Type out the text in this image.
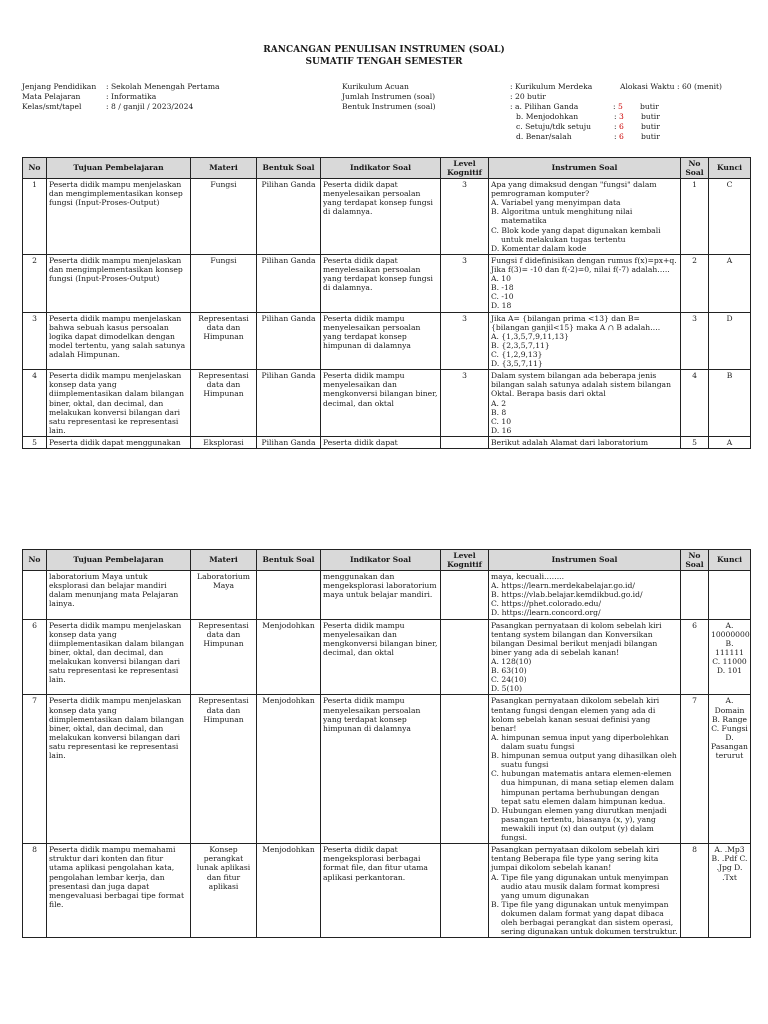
RANCANGAN PENULISAN INSTRUMEN (SOAL)
SUMATIF TENGAH SEMESTER
Jenjang Pendidikan : Sekolah Menengah Pertama
Mata Pelajaran	: Informatika
Kelas/smt/tapel	: 8 / ganjil / 2023/2024
Kurikulum Acuan
Jumlah Instrumen (soal)
Bentuk Instrumen (soal)
: Kurikulum Merdeka	Alokasi Waktu : 60 (menit)
: 20 butir
: a. Pilihan Ganda	: 5 butir
b. Menjodohkan	: 3 butir
c. Setuju/tdk setuju	: 6 butir
d. Benar/salah	: 6 butir
No	Tujuan Pembelajaran	Materi	Bentuk Soal	Indikator Soal	Level Kognitif	Instrumen Soal	No Soal	Kunci
1	Peserta didik mampu menjelaskan dan mengimplementasikan konsep fungsi (Input-Proses-Output)	Fungsi	Pilihan Ganda	Peserta didik dapat menyelesaikan persoalan yang terdapat konsep fungsi di dalamnya.	3	Apa yang dimaksud dengan "fungsi" dalam pemrograman komputer?
A. Variabel yang menyimpan data
B. Algoritma untuk menghitung nilai matematika
C. Blok kode yang dapat digunakan kembali untuk melakukan tugas tertentu
D. Komentar dalam kode	1	C
2	Peserta didik mampu menjelaskan dan mengimplementasikan konsep fungsi (Input-Proses-Output)	Fungsi	Pilihan Ganda	Peserta didik dapat menyelesaikan persoalan yang terdapat konsep fungsi di dalamnya.	3	Fungsi f didefinisikan dengan rumus f(x)=px+q. Jika f(3)= -10 dan f(-2)=0, nilai f(-7) adalah…..
A. 10
B. -18
C. -10
D. 18	2	A
3	Peserta didik mampu menjelaskan bahwa sebuah kasus persoalan logika dapat dimodelkan dengan model tertentu, yang salah satunya adalah Himpunan.	Representasi data dan Himpunan	Pilihan Ganda	Peserta didik mampu menyelesaikan persoalan yang terdapat konsep himpunan di dalamnya	3	Jika A= {bilangan prima <13} dan B= {bilangan ganjil<15} maka A ∩ B adalah….
A. {1,3,5,7,9,11,13}
B. {2,3,5,7,11}
C. {1,2,9,13}
D. {3,5,7,11}	3	D
4	Peserta didik mampu menjelaskan konsep data yang diimplementasikan dalam bilangan biner, oktal, dan decimal, dan melakukan konversi bilangan dari satu representasi ke representasi lain.	Representasi data dan Himpunan	Pilihan Ganda	Peserta didik mampu menyelesaikan dan mengkonversi bilangan biner, decimal, dan oktal	3	Dalam system bilangan ada beberapa jenis bilangan salah satunya adalah sistem bilangan Oktal. Berapa basis dari oktal
A. 2
B. 8
C. 10
D. 16	4	B
5	Peserta didik dapat menggunakan	Eksplorasi	Pilihan Ganda	Peserta didik dapat		Berikut adalah Alamat dari laboratorium	5	A
No	Tujuan Pembelajaran	Materi	Bentuk Soal	Indikator Soal	Level Kognitif	Instrumen Soal	No Soal	Kunci
	laboratorium Maya untuk eksplorasi dan belajar mandiri dalam menunjang mata Pelajaran lainya.	Laboratorium Maya		menggunakan dan mengeksplorasi laboratorium maya untuk belajar mandiri.		maya, kecuali……..
A. https://learn.merdekabelajar.go.id/
B. https://vlab.belajar.kemdikbud.go.id/
C. https://phet.colorado.edu/
D. https://learn.concord.org/		

6	Peserta didik mampu menjelaskan konsep data yang diimplementasikan dalam bilangan biner, oktal, dan decimal, dan melakukan konversi bilangan dari satu representasi ke representasi lain.	Representasi data dan Himpunan	Menjodohkan	Peserta didik mampu menyelesaikan dan mengkonversi bilangan biner, decimal, dan oktal		Pasangkan pernyataan di kolom sebelah kiri tentang system bilangan dan Konversikan bilangan Desimal berikut menjadi bilangan biner yang ada di sebelah kanan!
A. 128(10)
B. 63(10)
C. 24(10)
D. 5(10)	6	A. 10000000 B. 111111 C. 11000 D. 101
7	Peserta didik mampu menjelaskan konsep data yang diimplementasikan dalam bilangan biner, oktal, dan decimal, dan melakukan konversi bilangan dari satu representasi ke representasi lain.	Representasi data dan Himpunan	Menjodohkan	Peserta didik mampu menyelesaikan persoalan yang terdapat konsep himpunan di dalamnya		Pasangkan pernyataan dikolom sebelah kiri tentang fungsi dengan elemen yang ada di kolom sebelah kanan sesuai definisi yang benar!
A. himpunan semua input yang diperbolehkan dalam suatu fungsi
B. himpunan semua output yang dihasilkan oleh suatu fungsi
C. hubungan matematis antara elemen-elemen dua himpunan, di mana setiap elemen dalam himpunan pertama berhubungan dengan tepat satu elemen dalam himpunan kedua.
D. Hubungan elemen yang diurutkan menjadi pasangan tertentu, biasanya (x, y), yang mewakili input (x) dan output (y) dalam fungsi.	7	A. Domain B. Range C. Fungsi D. Pasangan terurut
8	Peserta didik mampu memahami struktur dari konten dan fitur utama aplikasi pengolahan kata, pengolahan lembar kerja, dan presentasi dan juga dapat mengevaluasi berbagai tipe format file.	Konsep perangkat lunak aplikasi dan fitur aplikasi	Menjodohkan	Peserta didik dapat mengeksplorasi berbagai format file, dan fitur utama aplikasi perkantoran.		Pasangkan pernyataan dikolom sebelah kiri tentang Beberapa file type yang sering kita jumpai dikolom sebelah kanan!
A. Tipe file yang digunakan untuk menyimpan audio atau musik dalam format kompresi yang umum digunakan
B. Tipe file yang digunakan untuk menyimpan dokumen dalam format yang dapat dibaca oleh berbagai perangkat dan sistem operasi, sering digunakan untuk dokumen terstruktur.	8	A. .Mp3 B. .Pdf C. .Jpg D. .Txt
